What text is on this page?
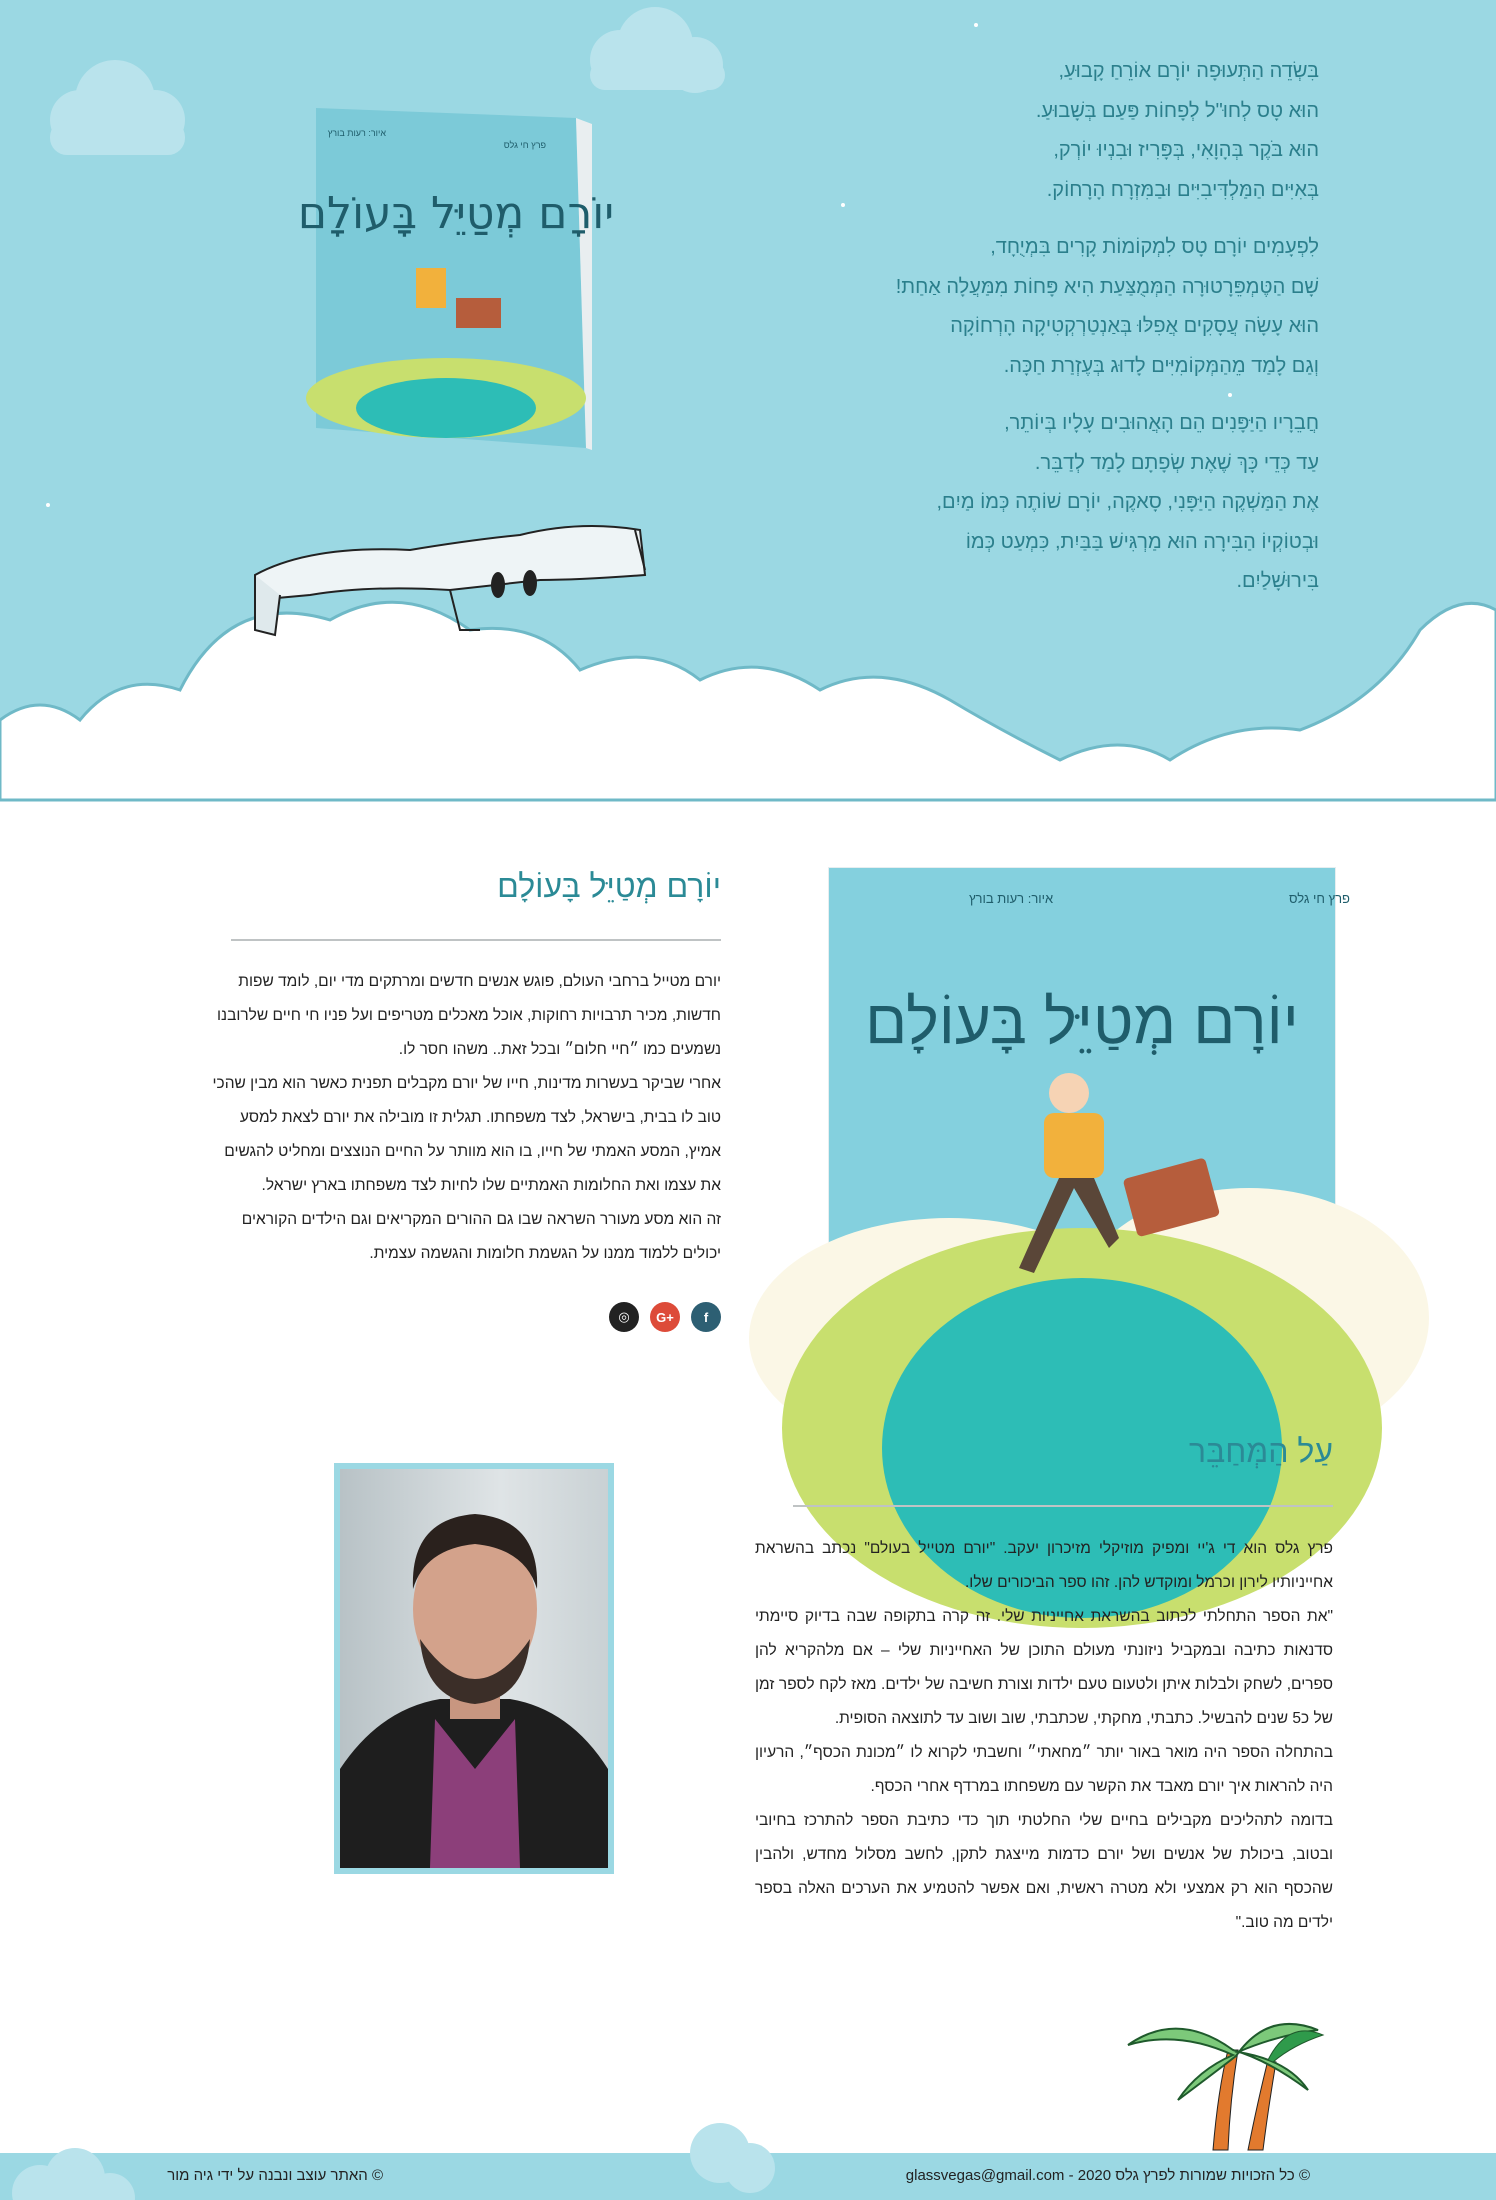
יוֹרָם מְטַיֵּל בָּעוֹלָם
פרץ חי גלס
איור: רעות בורץ
בִּשְׂדֵה הַתְּעוּפָה יוֹרָם אוֹרֵחַ קָבוּעַ,
הוּא טָס לְחוּ"ל לְפָחוֹת פַּעַם בְּשָׁבוּעַ.
הוּא בֹּקֶר בְּהָוָאִי, בְּפָּרִיז וּבִנְיוּ יוֹרְק,
בְּאִיִּים הַמַּלְדִּיבִיִּים וּבַמִּזְרָח הָרָחוֹק.
לִפְעָמִים יוֹרָם טָס לִמְקוֹמוֹת קָרִים בִּמְיֻחָד,
שָׁם הַטֶּמְפֵּרָטוּרָה הַמְּמֻצַּעַת הִיא פָּחוֹת מִמַּעֲלָה אַחַת!
הוּא עָשָׂה עֲסָקִים אֲפִלּוּ בְּאַנְטַרְקְטִיקָה הָרְחוֹקָה
וְגַם לָמַד מֵהַמְּקוֹמִיִּים לָדוּג בְּעֶזְרַת חַכָּה.
חֲבֵרָיו הַיַּפָּנִים הֵם הָאֲהוּבִים עָלָיו בְּיוֹתֵר,
עַד כְּדֵי כָּךְ שֶׁאֶת שְׂפָתָם לָמַד לְדַבֵּר.
אֶת הַמַּשְׁקֶה הַיַּפָּנִי, סָאקֶה, יוֹרָם שׁוֹתֶה כְּמוֹ מַיִם,
וּבְטוֹקְיוֹ הַבִּירָה הוּא מַרְגִּישׁ בַּבַּיִת, כִּמְעַט כְּמוֹ
בִּירוּשָׁלַיִם.
פרץ חי גלס
איור: רעות בורץ
יוֹרָם מְטַיֵּל בָּעוֹלָם
יוֹרָם מְטַיֵּל בָּעוֹלָם

יורם מטייל ברחבי העולם, פוגש אנשים חדשים ומרתקים מדי יום, לומד שפות חדשות, מכיר תרבויות רחוקות, אוכל מאכלים מטריפים ועל פניו חי חיים שלרובנו נשמעים כמו ״חיי חלום״ ובכל זאת.. משהו חסר לו.

אחרי שביקר בעשרות מדינות, חייו של יורם מקבלים תפנית כאשר הוא מבין שהכי טוב לו בבית, בישראל, לצד משפחתו. תגלית זו מובילה את יורם לצאת למסע אמיץ, המסע האמתי של חייו, בו הוא מוותר על החיים הנוצצים ומחליט להגשים את עצמו ואת החלומות האמתיים שלו לחיות לצד משפחתו בארץ ישראל.

זה הוא מסע מעורר השראה שבו גם ההורים המקריאים וגם הילדים הקוראים יכולים ללמוד ממנו על הגשמת חלומות והגשמה עצמית.

◎	G+	f
עַל הַמְּחַבֵּר

פרץ גלס הוא די ג'יי ומפיק מוזיקלי מזיכרון יעקב. "יורם מטייל בעולם" נכתב בהשראת אחייניותיו לירון וכרמל ומוקדש להן. זהו ספר הביכורים שלו.

"את הספר התחלתי לכתוב בהשראת אחייניות שלי. זה קרה בתקופה שבה בדיוק סיימתי סדנאות כתיבה ובמקביל ניזונתי מעולם התוכן של האחייניות שלי – אם מלהקריא להן ספרים, לשחק ולבלות איתן ולטעום טעם ילדות וצורת חשיבה של ילדים. מאז לקח לספר זמן של כ5 שנים להבשיל. כתבתי, מחקתי, שכתבתי, שוב ושוב עד לתוצאה הסופית.

בהתחלה הספר היה מואר באור יותר ״מחאתי״ וחשבתי לקרוא לו ״מכונת הכסף״, הרעיון היה להראות איך יורם מאבד את הקשר עם משפחתו במרדף אחרי הכסף.

בדומה לתהליכים מקבילים בחיים שלי החלטתי תוך כדי כתיבת הספר להתרכז בחיובי ובטוב, ביכולת של אנשים ושל יורם כדמות מייצגת לתקן, לחשב מסלול מחדש, ולהבין שהכסף הוא רק אמצעי ולא מטרה ראשית, ואם אפשר להטמיע את הערכים האלה בספר ילדים מה טוב."

© כל הזכויות שמורות לפרץ גלס 2020 - glassvegas@gmail.com
© האתר עוצב ונבנה על ידי גיה מור
